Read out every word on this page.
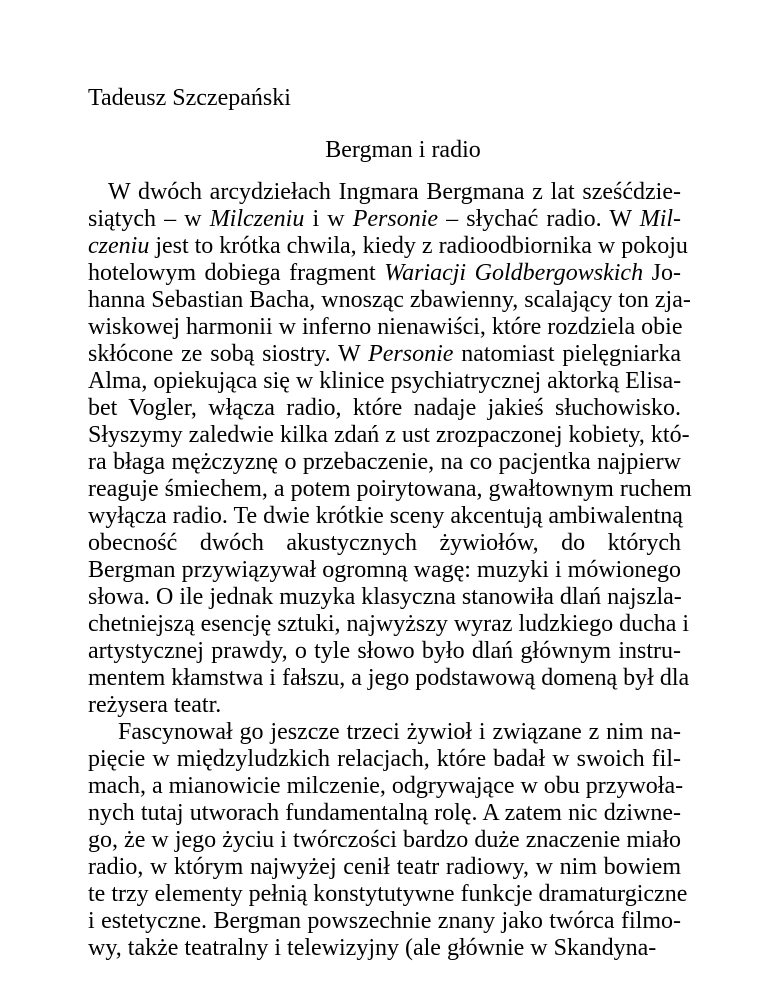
Tadeusz Szczepański
Bergman i radio
W dwóch arcydziełach Ingmara Bergmana z lat sześćdzie-
siątych – w Milczeniu i w Personie – słychać radio. W Mil-
czeniu jest to krótka chwila, kiedy z radioodbiornika w pokoju
hotelowym dobiega fragment Wariacji Goldbergowskich Jo-
hanna Sebastian Bacha, wnosząc zbawienny, scalający ton zja-
wiskowej harmonii w inferno nienawiści, które rozdziela obie
skłócone ze sobą siostry. W Personie natomiast pielęgniarka
Alma, opiekująca się w klinice psychiatrycznej aktorką Elisa-
bet Vogler, włącza radio, które nadaje jakieś słuchowisko.
Słyszymy zaledwie kilka zdań z ust zrozpaczonej kobiety, któ-
ra błaga mężczyznę o przebaczenie, na co pacjentka najpierw
reaguje śmiechem, a potem poirytowana, gwałtownym ruchem
wyłącza radio. Te dwie krótkie sceny akcentują ambiwalentną
obecność dwóch akustycznych żywiołów, do których
Bergman przywiązywał ogromną wagę: muzyki i mówionego
słowa. O ile jednak muzyka klasyczna stanowiła dlań najszla-
chetniejszą esencję sztuki, najwyższy wyraz ludzkiego ducha i
artystycznej prawdy, o tyle słowo było dlań głównym instru-
mentem kłamstwa i fałszu, a jego podstawową domeną był dla
reżysera teatr.
Fascynował go jeszcze trzeci żywioł i związane z nim na-
pięcie w międzyludzkich relacjach, które badał w swoich fil-
mach, a mianowicie milczenie, odgrywające w obu przywoła-
nych tutaj utworach fundamentalną rolę. A zatem nic dziwne-
go, że w jego życiu i twórczości bardzo duże znaczenie miało
radio, w którym najwyżej cenił teatr radiowy, w nim bowiem
te trzy elementy pełnią konstytutywne funkcje dramaturgiczne
i estetyczne. Bergman powszechnie znany jako twórca filmo-
wy, także teatralny i telewizyjny (ale głównie w Skandyna-
